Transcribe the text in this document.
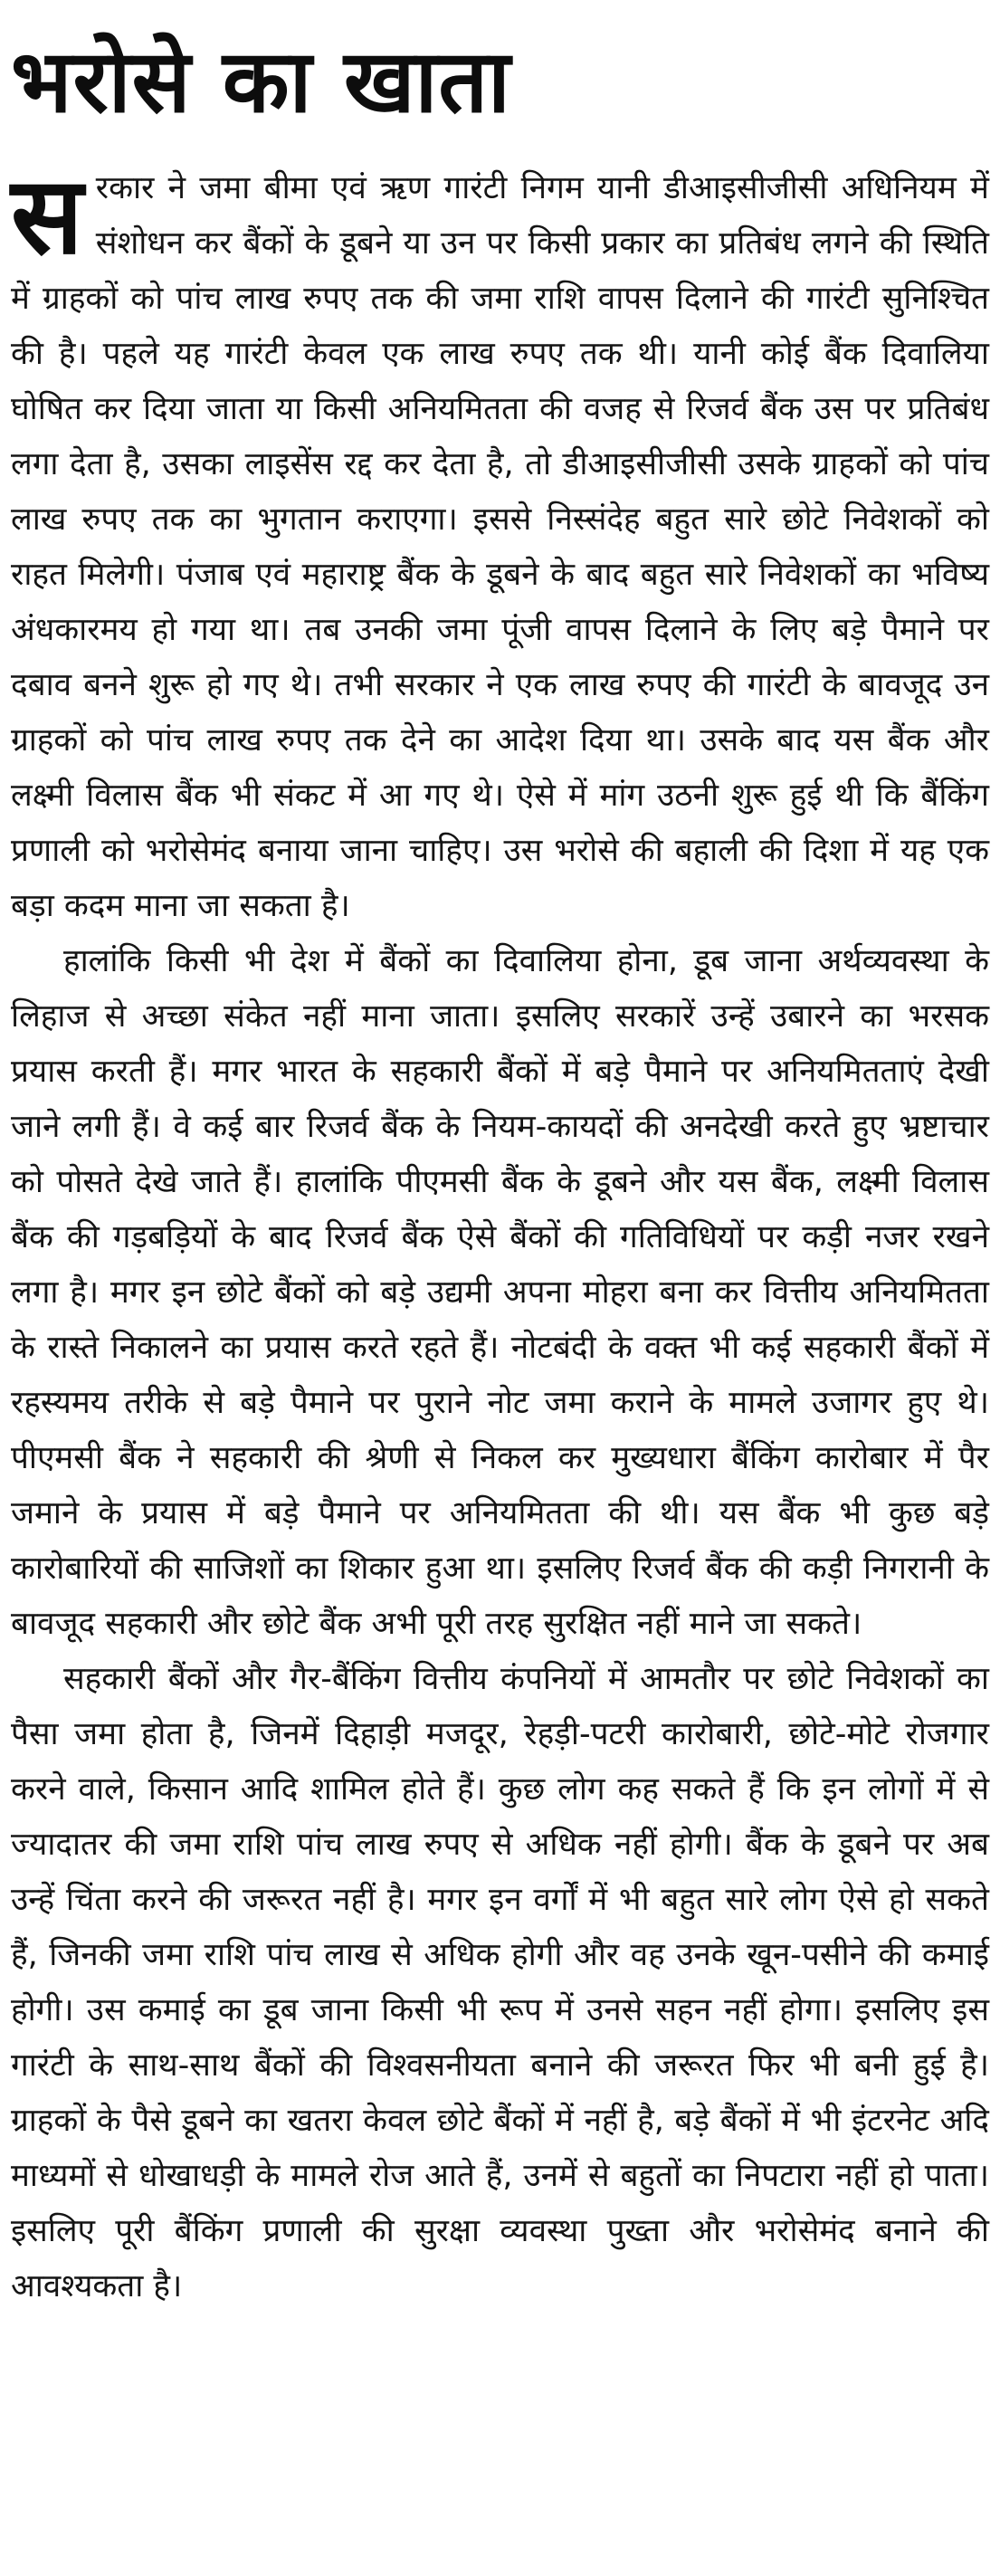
भरोसे का खाता

सरकार ने जमा बीमा एवं ऋण गारंटी निगम यानी डीआइसीजीसी अधिनियम में संशोधन कर बैंकों के डूबने या उन पर किसी प्रकार का प्रतिबंध लगने की स्थिति में ग्राहकों को पांच लाख रुपए तक की जमा राशि वापस दिलाने की गारंटी सुनिश्चित की है। पहले यह गारंटी केवल एक लाख रुपए तक थी। यानी कोई बैंक दिवालिया घोषित कर दिया जाता या किसी अनियमितता की वजह से रिजर्व बैंक उस पर प्रतिबंध लगा देता है, उसका लाइसेंस रद्द कर देता है, तो डीआइसीजीसी उसके ग्राहकों को पांच लाख रुपए तक का भुगतान कराएगा। इससे निस्संदेह बहुत सारे छोटे निवेशकों को राहत मिलेगी। पंजाब एवं महाराष्ट्र बैंक के डूबने के बाद बहुत सारे निवेशकों का भविष्य अंधकारमय हो गया था। तब उनकी जमा पूंजी वापस दिलाने के लिए बड़े पैमाने पर दबाव बनने शुरू हो गए थे। तभी सरकार ने एक लाख रुपए की गारंटी के बावजूद उन ग्राहकों को पांच लाख रुपए तक देने का आदेश दिया था। उसके बाद यस बैंक और लक्ष्मी विलास बैंक भी संकट में आ गए थे। ऐसे में मांग उठनी शुरू हुई थी कि बैंकिंग प्रणाली को भरोसेमंद बनाया जाना चाहिए। उस भरोसे की बहाली की दिशा में यह एक बड़ा कदम माना जा सकता है।

हालांकि किसी भी देश में बैंकों का दिवालिया होना, डूब जाना अर्थव्यवस्था के लिहाज से अच्छा संकेत नहीं माना जाता। इसलिए सरकारें उन्हें उबारने का भरसक प्रयास करती हैं। मगर भारत के सहकारी बैंकों में बड़े पैमाने पर अनियमितताएं देखी जाने लगी हैं। वे कई बार रिजर्व बैंक के नियम-कायदों की अनदेखी करते हुए भ्रष्टाचार को पोसते देखे जाते हैं। हालांकि पीएमसी बैंक के डूबने और यस बैंक, लक्ष्मी विलास बैंक की गड़बड़ियों के बाद रिजर्व बैंक ऐसे बैंकों की गतिविधियों पर कड़ी नजर रखने लगा है। मगर इन छोटे बैंकों को बड़े उद्यमी अपना मोहरा बना कर वित्तीय अनियमितता के रास्ते निकालने का प्रयास करते रहते हैं। नोटबंदी के वक्त भी कई सहकारी बैंकों में रहस्यमय तरीके से बड़े पैमाने पर पुराने नोट जमा कराने के मामले उजागर हुए थे। पीएमसी बैंक ने सहकारी की श्रेणी से निकल कर मुख्यधारा बैंकिंग कारोबार में पैर जमाने के प्रयास में बड़े पैमाने पर अनियमितता की थी। यस बैंक भी कुछ बड़े कारोबारियों की साजिशों का शिकार हुआ था। इसलिए रिजर्व बैंक की कड़ी निगरानी के बावजूद सहकारी और छोटे बैंक अभी पूरी तरह सुरक्षित नहीं माने जा सकते।

सहकारी बैंकों और गैर-बैंकिंग वित्तीय कंपनियों में आमतौर पर छोटे निवेशकों का पैसा जमा होता है, जिनमें दिहाड़ी मजदूर, रेहड़ी-पटरी कारोबारी, छोटे-मोटे रोजगार करने वाले, किसान आदि शामिल होते हैं। कुछ लोग कह सकते हैं कि इन लोगों में से ज्यादातर की जमा राशि पांच लाख रुपए से अधिक नहीं होगी। बैंक के डूबने पर अब उन्हें चिंता करने की जरूरत नहीं है। मगर इन वर्गों में भी बहुत सारे लोग ऐसे हो सकते हैं, जिनकी जमा राशि पांच लाख से अधिक होगी और वह उनके खून-पसीने की कमाई होगी। उस कमाई का डूब जाना किसी भी रूप में उनसे सहन नहीं होगा। इसलिए इस गारंटी के साथ-साथ बैंकों की विश्वसनीयता बनाने की जरूरत फिर भी बनी हुई है। ग्राहकों के पैसे डूबने का खतरा केवल छोटे बैंकों में नहीं है, बड़े बैंकों में भी इंटरनेट अदि माध्यमों से धोखाधड़ी के मामले रोज आते हैं, उनमें से बहुतों का निपटारा नहीं हो पाता। इसलिए पूरी बैंकिंग प्रणाली की सुरक्षा व्यवस्था पुख्ता और भरोसेमंद बनाने की आवश्यकता है।
